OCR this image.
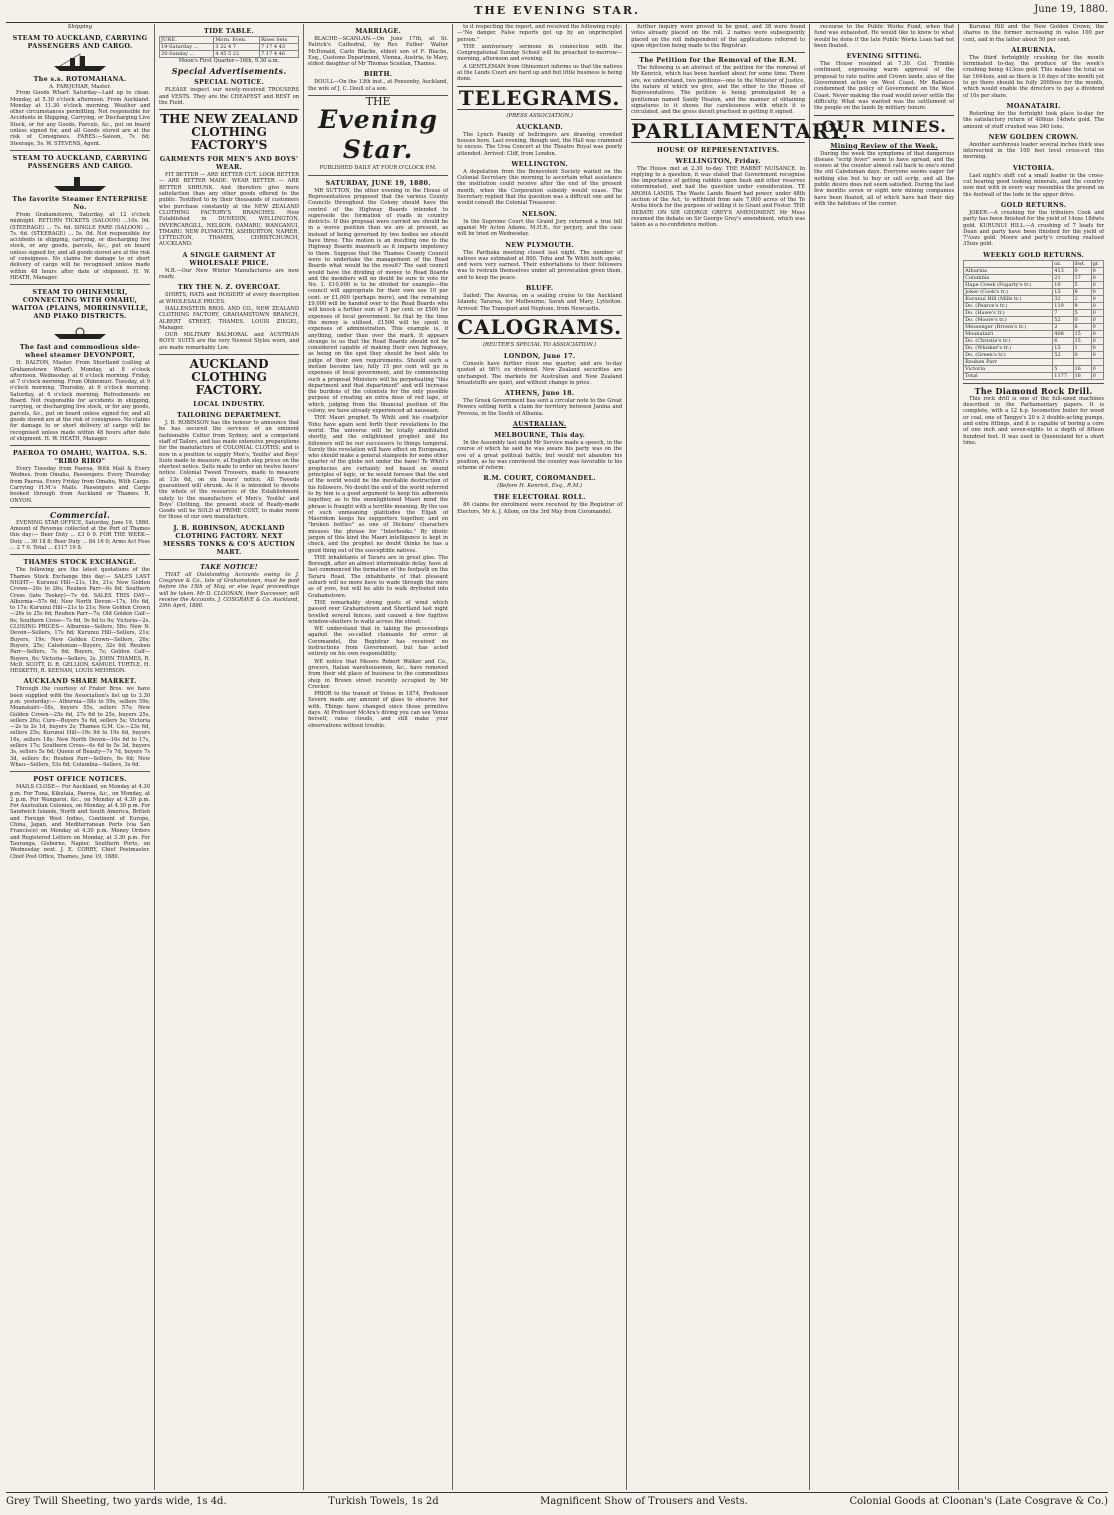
THE EVENING STAR.	June 19, 1880.
Shipping
STEAM TO AUCKLAND, CARRYING PASSENGERS AND CARGO.
The s.s. ROTOMAHANA.
A. FARQUHAR, Master.

From Goods Wharf. Saturday—Laid up to clean. Monday, at 5.30 o'clock afternoon. From Auckland. Monday at 11.30 o'clock morning. Weather and other circumstances permitting. Not responsible for Accidents in Shipping, Carrying, or Discharging Live Stock, or for any Goods, Parcels, &c., put on board unless signed for, and all Goods stored are at the risk of Consignees. FARES:—Saloon, 7s 6d; Steerage, 5s. W. STEVENS, Agent.

STEAM TO AUCKLAND, CARRYING PASSENGERS AND CARGO.
The favorite Steamer ENTERPRISE No.

From Grahamstown, Saturday, at 12 o'clock midnight. RETURN TICKETS (SALOON) ...10s. 0d. (STEERAGE) ... 7s. 6d. SINGLE FARE (SALOON) ... 7s. 6d. (STEERAGE) ... 5s. 0d. Not responsible for accidents in shipping, carrying, or discharging live stock, or any goods, parcels, &c., put on board unless signed for, and all goods stored are at the risk of consignees. No claims for damage to or short delivery of cargo will be recognised unless made within 48 hours after date of shipment. H. W. HEATH, Manager.

STEAM TO OHINEMURI, CONNECTING WITH OMAHU, WAITOA (PLAINS, MORRINSVILLE, AND PIAKO DISTRICTS.
The fast and commodious side-wheel steamer DEVONPORT,

H. DALTON, Master. From Shortland (calling at Grahamstown Wharf). Monday, at 8 o'clock afternoon. Wednesday, at 6 o'clock morning. Friday, at 7 o'clock morning. From Ohinemuri. Tuesday, at 9 o'clock morning. Thursday, at 6 o'clock morning. Saturday, at 6 o'clock morning. Refreshments on Board. Not responsible for accidents in shipping, carrying, or discharging live stock, or for any goods, parcels, &c., put on board unless signed for, and all goods stored are at the risk of consignees. No claims for damage to or short delivery of cargo will be recognised unless made within 48 hours after date of shipment. H. W. HEATH, Manager.

PAEROA TO OMAHU, WAITOA. S.S. "RIRO RIRO"

Every Tuesday from Paeroa, With Mail & Every Wednes. from Omahu, Passengers. Every Thursday from Paeroa, Every Friday from Omahu, With Cargo. Carrying H.M.'s Mails. Passengers and Cargo booked through from Auckland or Thames. R. ONYON.

Commercial.

EVENING STAR OFFICE, Saturday, June 19, 1880. Amount of Revenue collected at the Port of Thames this day:— Beer Duty ... £3 0 0. FOR THE WEEK— Duty ... 30 18 8; Beer Duty ... 84 16 0; Arms Act Fees ... 2 7 0. Total ... £117 19 8.

THAMES STOCK EXCHANGE.

The following are the latest quotations of the Thames Stock Exchange this day:— SALES LAST NIGHT— Kurunui Hill—21s, 18s, 21s; New Golden Crown—26s to 26s; Reuben Parr—6s 6d; Southern Cross (late Tookey)—7s 6d. SALES THIS DAY— Alburnia—57s 6d; New North Devon—17s, 16s 6d, to 17s; Kurunui Hill—21s to 21s; New Golden Crown—26s to 25s 6d; Reuben Parr—7s; Old Golden Calf—6s; Southern Cross—7s 6d, 9s 6d to 9s; Victoria—2s. CLOSING PRICES— Alburnia—Sellers, 58s; New N. Devon—Sellers, 17s 6d; Kurunui Hill—Sellers, 21s; Buyers, 19s; New Golden Crown—Sellers, 26s; Buyers, 25s; Caledonian—Buyers, 32s 6d; Reuben Parr—Sellers, 7s 6d; Buyers, 7s; Golden Calf—Buyers, 6s; Victoria—Sellers, 2s. JOHN THAMES, R. McD. SCOTT, D. R. GELLION, SAMUEL TURTLE, H. HESKETH, R. KEENAN, LOUIS MEHRSON.

AUCKLAND SHARE MARKET.

Through the courtesy of Frater Bros. we have been supplied with the Association's list up to 3.30 p.m. yesterday:— Alburnia—58s to 59s, sellers 59s; Moanatairi—58s, buyers 55s, sellers 57s; New Golden Crown—25s 6d, 27s 6d to 25s, buyers 25s, sellers 26s; Cure—Buyers 5s 6d, sellers 5s; Victoria—2s to 2s 1d, buyers 2s; Thames G.M. Co.—23s 6d, sellers 25s; Kurunui Hill—19s 9d to 19s 6d, buyers 16s, sellers 18s; New North Devon—16s 6d to 17s, sellers 17s; Southern Cross—6s 6d to 5s 3d, buyers 3s, sellers 5s 6d; Queen of Beauty—7s 7d, buyers 7s 3d, sellers 8s; Reuben Parr—Sellers, 6s 6d; New Whau—Sellers, 53s 6d; Columbia—Sellers, 3s 6d.

POST OFFICE NOTICES.

MAILS CLOSE— For Auckland, on Monday at 4.30 p.m. For Tuna, Kikutaia, Paeroa, &c., on Monday, at 2 p.m. For Wangaroi, &c., on Monday at 4.30 p.m. For Australian Colonies, on Monday, at 4.30 p.m. For Sandwich Islands, North and South America, British and Foreign West Indies, Continent of Europe, China, Japan, and Mediterranean Ports (via San Francisco) on Monday at 4.30 p.m. Money Orders and Registered Letters on Monday, at 3.30 p.m. For Tauranga, Gisborne, Napier, Southern Ports, on Wednesday next. J. E. CORRY, Chief Postmaster. Chief Post Office, Thames, June 19, 1880.

TIDE TABLE.
JUNE.	Morn. Even.	Rises Sets
19-Saturday ...	3 22 4 7	7 17 4 43
20-Sunday ...	4 45 5 22	7 17 4 46
Moon's First Quarter—16th, 9.30 a.m.
Special Advertisements.
SPECIAL NOTICE.

PLEASE inspect our newly-received TROUSERS and VESTS. They are the CHEAPEST and BEST on the Field.

THE NEW ZEALAND CLOTHING FACTORY'S
GARMENTS FOR MEN'S AND BOYS' WEAR.

FIT BETTER — ARE BETTER CUT. LOOK BETTER — ARE BETTER MADE. WEAR BETTER — ARE BETTER SHRUNK. And therefore give more satisfaction than any other goods offered to the public. Testified to by their thousands of customers who purchase constantly at the NEW ZEALAND CLOTHING FACTORY'S BRANCHES. Now Established in DUNEDIN, WELLINGTON, INVERCARGILL, NELSON, OAMARU, WANGANUI, TIMARU, NEW PLYMOUTH, ASHBURTON, NAPIER, LYTTELTON, THAMES, CHRISTCHURCH, AUCKLAND.

A SINGLE GARMENT AT WHOLESALE PRICE.

N.B.—Our New Winter Manufactures are now ready.

TRY THE N. Z. OVERCOAT.

SHIRTS, HATS and HOSIERY of every description at WHOLESALE PRICES.

HALLENSTEIN BROS. AND CO., NEW ZEALAND CLOTHING FACTORY, GRAHAMSTOWN BRANCH, ALBERT STREET, THAMES. LOUIS ZIEGEL, Manager.

OUR MILITARY BALMORAL and AUSTRIAN BOYS' SUITS are the very Newest Styles worn, and are made remarkably Low.

AUCKLAND CLOTHING FACTORY.
LOCAL INDUSTRY.
TAILORING DEPARTMENT.

J. B. ROBINSON has the honour to announce that he has secured the services of an eminent fashionable Cutter from Sydney, and a competent staff of Tailors, and has made extensive preparations for the manufacture of COLONIAL CLOTHS; and is now in a position to supply Men's, Youths' and Boys' Suits made to measure, at English slop prices on the shortest notice. Suits made to order on twelve hours' notice. Colonial Tweed Trousers, made to measure at 13s 6d, on six hours' notice. All Tweeds guaranteed will shrunk. As it is intended to devote the whole of the resources of the Establishment solely to the manufacture of Men's, Youths' and Boys' Clothing, the present stock of Ready-made Goods will be SOLD at PRIME COST, to make room for those of our own manufacture.

J. B. ROBINSON, AUCKLAND CLOTHING FACTORY. NEXT MESSRS TONKS & CO'S AUCTION MART.
TAKE NOTICE!

THAT all Outstanding Accounts owing to J. Cosgrave & Co., late of Grahamstown, must be paid before the 15th of May, or else legal proceedings will be taken. Mr D. CLOONAN, their Successor, will receive the Accounts. J. COSGRAVE & Co. Auckland, 29th April, 1880.

MARRIAGE.

BLACHE—SCANLAN.—On June 17th, at St. Patrick's Cathedral, by Rev. Father Walter McDonald, Carlo Blache, eldest son of F. Blache, Esq., Customs Department, Vienna, Austria, to Mary, eldest daughter of Mr Thomas Scanlan, Thames.

BIRTH.

DOULL—On the 13th inst., at Ponsonby, Auckland, the wife of J. C. Doull of a son.

THE
Evening Star.
PUBLISHED DAILY AT FOUR O'CLOCK P.M.
SATURDAY, JUNE 19, 1880.

MR SUTTON, the other evening in the House of Representatives proposed that the various County Councils throughout the Colony should have the control of the Highway Boards intended to supersede the formation of roads in country districts. If this proposal were carried we should be in a worse position than we are at present, as instead of being governed by two bodies we should have three. This motion is an insulting one to the Highway Boards inasmuch as it imparts impotency to them. Suppose that the Thames County Council were to undertake the management of the Road Boards what would be the result? The said council would have the dividing of money to Road Boards and the members will no doubt be sure to vote for No. 1. £10,000 is to be divided for example—the council will appropriate for their own use 10 per cent. or £1,000 (perhaps more), and the remaining £9,000 will be handed over to the Road Boards who will knock a further sum of 5 per cent. or £500 for expenses of local government. So that by the time the money is utilised, £1500 will be spent in expenses of administration. This example is, if anything, under than over the mark. It appears strange to us that the Road Boards should not be considered capable of making their own highways, as being on the spot they should be best able to judge of their own requirements. Should such a motion become law, fully 15 per cent will go in expenses of local government, and by commencing such a proposal Ministers will be perpetuating "this department and that department" and will increase the burdens of the colonists for the only possible purpose of creating an extra dose of red tape, of which, judging from the financial position of the colony, we have already experienced ad nauseam.

THE Maori prophet Te Whiti and his coadjutor Tohu have again sent forth their revelations to the world. The universe will be totally annihilated shortly, and the enlightened prophet and his followers will be our successors to things temporal. Surely this revelation will have effect on Europeans, who should make a general stampede for some other quarter of the globe not under the bane! Te Whiti's prophecies are certainly not based on sound principles of logic, or he would foresee that the end of the world would be the inevitable destruction of his followers. No doubt the end of the world referred to by him is a good argument to keep his adherents together, as to the unenlightened Maori mind the phrase is fraught with a terrible meaning. By the use of such unmeaning platitudes the Elijah of Maoridom keeps his supporters together, and on "broken bottles" as one of Dickens' characters misuses the phrase for "Interhooks." By idiotic jargon of this kind the Maori intelligence is kept in check, and the prophet no doubt thinks he has a good thing out of the susceptible natives.

THE inhabitants of Tararu are in great glee. The Borough, after an almost interminable delay, have at last commenced the formation of the footpath on the Tararu Road. The inhabitants of that pleasant suburb will no more have to wade through the mire as of yore, but will be able to walk dryfooted into Grahamstown.

THE remarkably strong gusts of wind which passed over Grahamstown and Shortland last night levelled several fences, and caused a few fugitive window-shutters to waltz across the street.

WE understand that in taking the proceedings against the so-called claimants for error at Coromandel, the Registrar has received no instructions from Government, but has acted entirely on his own responsibility.

WE notice that Messrs Robert Walker and Co., grocers, Italian warehousemen, &c., have removed from their old place of business to the commodious shop in Brown street recently occupied by Mr Crocker.

PRIOR to the transit of Venus in 1874, Professor Severn made any amount of glass to observe her with. Things have changed since those primitive days. At Professor McAra's diving you can see Venus herself, raise clouds, and still make your observations without trouble.

to it respecting the report, and received the following reply:—"No danger. False reports got up by an unprincipled person."

THE anniversary sermons in connection with the Congregational Sunday School will be preached to-morrow—morning, afternoon and evening.

A GENTLEMAN from Ohinemuri informs us that the natives at the Lands Court are hard up and but little business is being done.

TELEGRAMS.
(PRESS ASSOCIATION.)
AUCKLAND.

The Lynch Family of bellringers are drawing crowded houses here. Last evening, though wet, the Hall was crammed to excess. The Ursa Concert at the Theatre Royal was poorly attended. Arrived: Cliff, from London.

WELLINGTON.

A deputation from the Benevolent Society waited on the Colonial Secretary this morning to ascertain what assistance the institution could receive after the end of the present month, when the Corporation subsidy would cease. The Secretary replied that the question was a difficult one and he would consult the Colonial Treasurer.

NELSON.

In the Supreme Court the Grand Jury returned a true bill against Mr Acton Adams, M.H.R., for perjury, and the case will be tried on Wednesday.

NEW PLYMOUTH.

The Parihaka meeting closed last night. The number of natives was estimated at 800. Tohu and Te Whiti both spoke, and were very earnest. Their exhortations to their followers was to restrain themselves under all provocation given them, and to keep the peace.

BLUFF.

Sailed: The Awarua, on a sealing cruise to the Auckland Islands; Tararua, for Melbourne; Sarah and Mary, Lyttelton. Arrived: The Transport and Neptune, from Newcastle.

CALOGRAMS.
(REUTER'S SPECIAL TO ASSOCIATION.)
LONDON, June 17.

Consols have further risen one quarter, and are to-day quoted at 98½ ex dividend. New Zealand securities are unchanged. The markets for Australian and New Zealand breadstuffs are quiet, and without change in price.

ATHENS, June 18.

The Greek Government has sent a circular note to the Great Powers setting forth a claim for territory between Janina and Preveza, in the South of Albania.

AUSTRALIAN.
MELBOURNE, This day.

In the Assembly last night Mr Service made a speech, in the course of which he said he was aware his party was on the eve of a great political battle, but would not abandon his position, as he was convinced the country was favorable to his scheme of reform.

R.M. COURT, COROMANDEL.
(Before H. Kenrick, Esq., R.M.)
THE ELECTORAL ROLL.

86 claims for enrolment were received by the Registrar of Electors, Mr A. J. Allom, on the 3rd May from Coromandel.

further inquiry were proved to be good, and 38 were found votes already placed on the roll. 2 names were subsequently placed on the roll independent of the applications referred to upon objection being made to the Registrar.

The Petition for the Removal of the R.M.

The following is an abstract of the petition for the removal of Mr Kenrick, which has been hawked about for some time. There are, we understand, two petitions—one to the Minister of Justice, the nature of which we give, and the other to the House of Representatives. The petition is being promulgated by a gentleman named Sandy Heaton, and the manner of obtaining signatures to it shows the carelessness with which it is circulated, and the gross deceit practised in getting it signed.

PARLIAMENTARY.
HOUSE OF REPRESENTATIVES.
WELLINGTON, Friday.

The House met at 2.30 to-day. THE RABBIT NUISANCE. In replying to a question, it was stated that Government recognise the importance of getting rabbits upon bush and other reserves exterminated, and had the question under consideration. TE AROHA LANDS. The Waste Lands Board had power, under 48th section of the Act, to withhold from sale 7,000 acres of the Te Aroha block for the purpose of selling it to Grant and Foster. THE DEBATE ON SIR GEORGE GREY'S AMENDMENT. Mr Moss resumed the debate on Sir George Grey's amendment, which was taken as a no-confidence motion.

recourse to the Public Works Fund, when that fund was exhausted. He would like to know to what would be done if the late Public Works Loan had not been floated.

EVENING SITTING.

The House resumed at 7.30. Col. Trimble continued, expressing warm approval of the proposal to rate native and Crown lands; also of the Government action on West Coast. Mr Ballance condemned the policy of Government on the West Coast. Never making the road would never settle the difficulty. What was wanted was the settlement of the people on the lands by military tenure.

OUR MINES.
Mining Review of the Week.

During the week the symptoms of that dangerous disease "scrip fever" seem to have spread, and the scenes at the counter almost call back to one's mind the old Caledonian days. Everyone seems eager for nothing else but to buy or sell scrip, and all the public desire does not seem satisfied. During the last few months seven or eight new mining companies have been floated, all of which have had their day with the habitues of the corner.

Kurunui Hill and the New Golden Crown, the shares in the former increasing in value 100 per cent, and in the latter about 50 per cent.

ALBURNIA.

The third fortnightly crushing for the month terminated to-day, the produce of the week's crushing being 413ozs gold. This makes the total so far 1644ozs, and as there is 10 days of the month yet to go there should be fully 2000ozs for the month, which would enable the directors to pay a dividend of 10s per share.

MOANATAIRI.

Retorting for the fortnight took place to-day for the satisfactory return of 408ozs 14dwts gold. The amount of stuff crushed was 340 tons.

NEW GOLDEN CROWN.

Another auriferous leader several inches thick was intersected in the 100 feet level cross-cut this morning.

VICTORIA.

Last night's shift cut a small leader in the cross-cut bearing good looking minerals, and the country now met with in every way resembles the ground on the footwall of the lode in the upper drive.

GOLD RETURNS.

JOKER.—A crushing for the tributers Cook and party has been finished for the yield of 14ozs 18dwts gold. KURUNUI HILL.—A crushing of 7 loads for Dean and party have been finished for the yield of 7¼ozs gold. Moore and party's crushing realised 35ozs gold.

WEEKLY GOLD RETURNS.
	oz.	dwt.	gr.
Alburnia	413	0	0
Columbia	21	17	0
Hape Creek (Fogarty's tr.)	10	5	0
Joker (Cook's tr.)	15	8	0
Kurunui Hill (Mills tr.)	32	2	0
Do. (Pearce's tr.)	119	9	0
Do. (Hawe's tr.)	7	5	0
Do. (Moore's tr.)	52	0	0
Messenger (Brown's tr.)	2	6	0
Moanatairi	408	15	0
Do. (Christie's tr.)	6	15	0
Do. (Whisker's tr.)	15	1	0
Do. (Green's tr.)	52	0	0
Reuben Parr			
Victoria	5	16	0
Total	1177	16	0
The Diamond Rock Drill.

This rock drill is one of the full-sized machines described in the Parliamentary papers. It is complete, with a 12 h.p. locomotive boiler for wood or coal, one of Tangye's 20 x 3 double-acting pumps, and extra fittings, and it is capable of boring a core of one inch and seven-eights to a depth of fifteen hundred feet. It was used in Queensland for a short time.

Grey Twill Sheeting, two yards wide, 1s 4d.	Turkish Towels, 1s 2d	Magnificent Show of Trousers and Vests.	Colonial Goods at Cloonan's (Late Cosgrave & Co.)
